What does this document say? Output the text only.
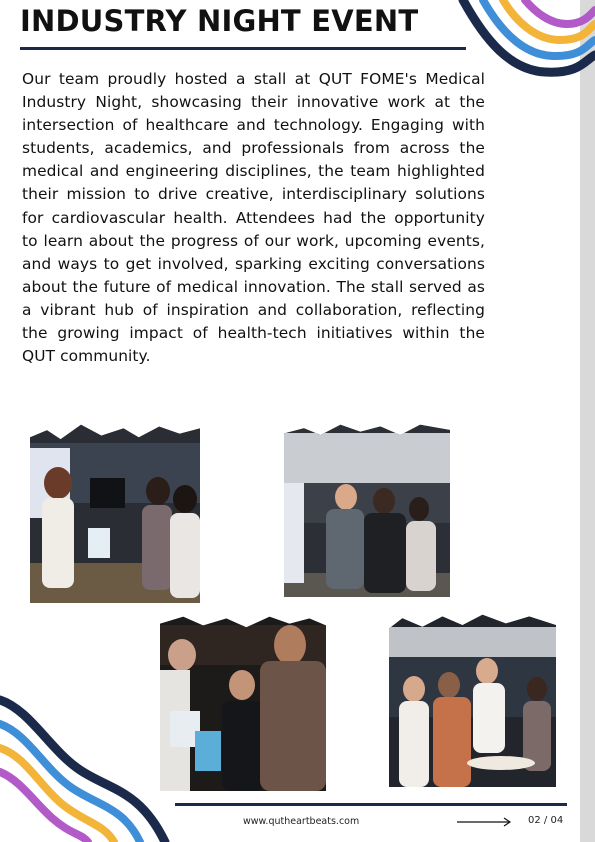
INDUSTRY NIGHT EVENT

Our team proudly hosted a stall at QUT FOME's Medical Industry Night, showcasing their innovative work at the intersection of healthcare and technology. Engaging with students, academics, and professionals from across the medical and engineering disciplines, the team highlighted their mission to drive creative, interdisciplinary solutions for cardiovascular health. Attendees had the opportunity to learn about the progress of our work, upcoming events, and ways to get involved, sparking exciting conversations about the future of medical innovation. The stall served as a vibrant hub of inspiration and collaboration, reflecting the growing impact of health-tech initiatives within the QUT community.

www.qutheartbeats.com	02 / 04
